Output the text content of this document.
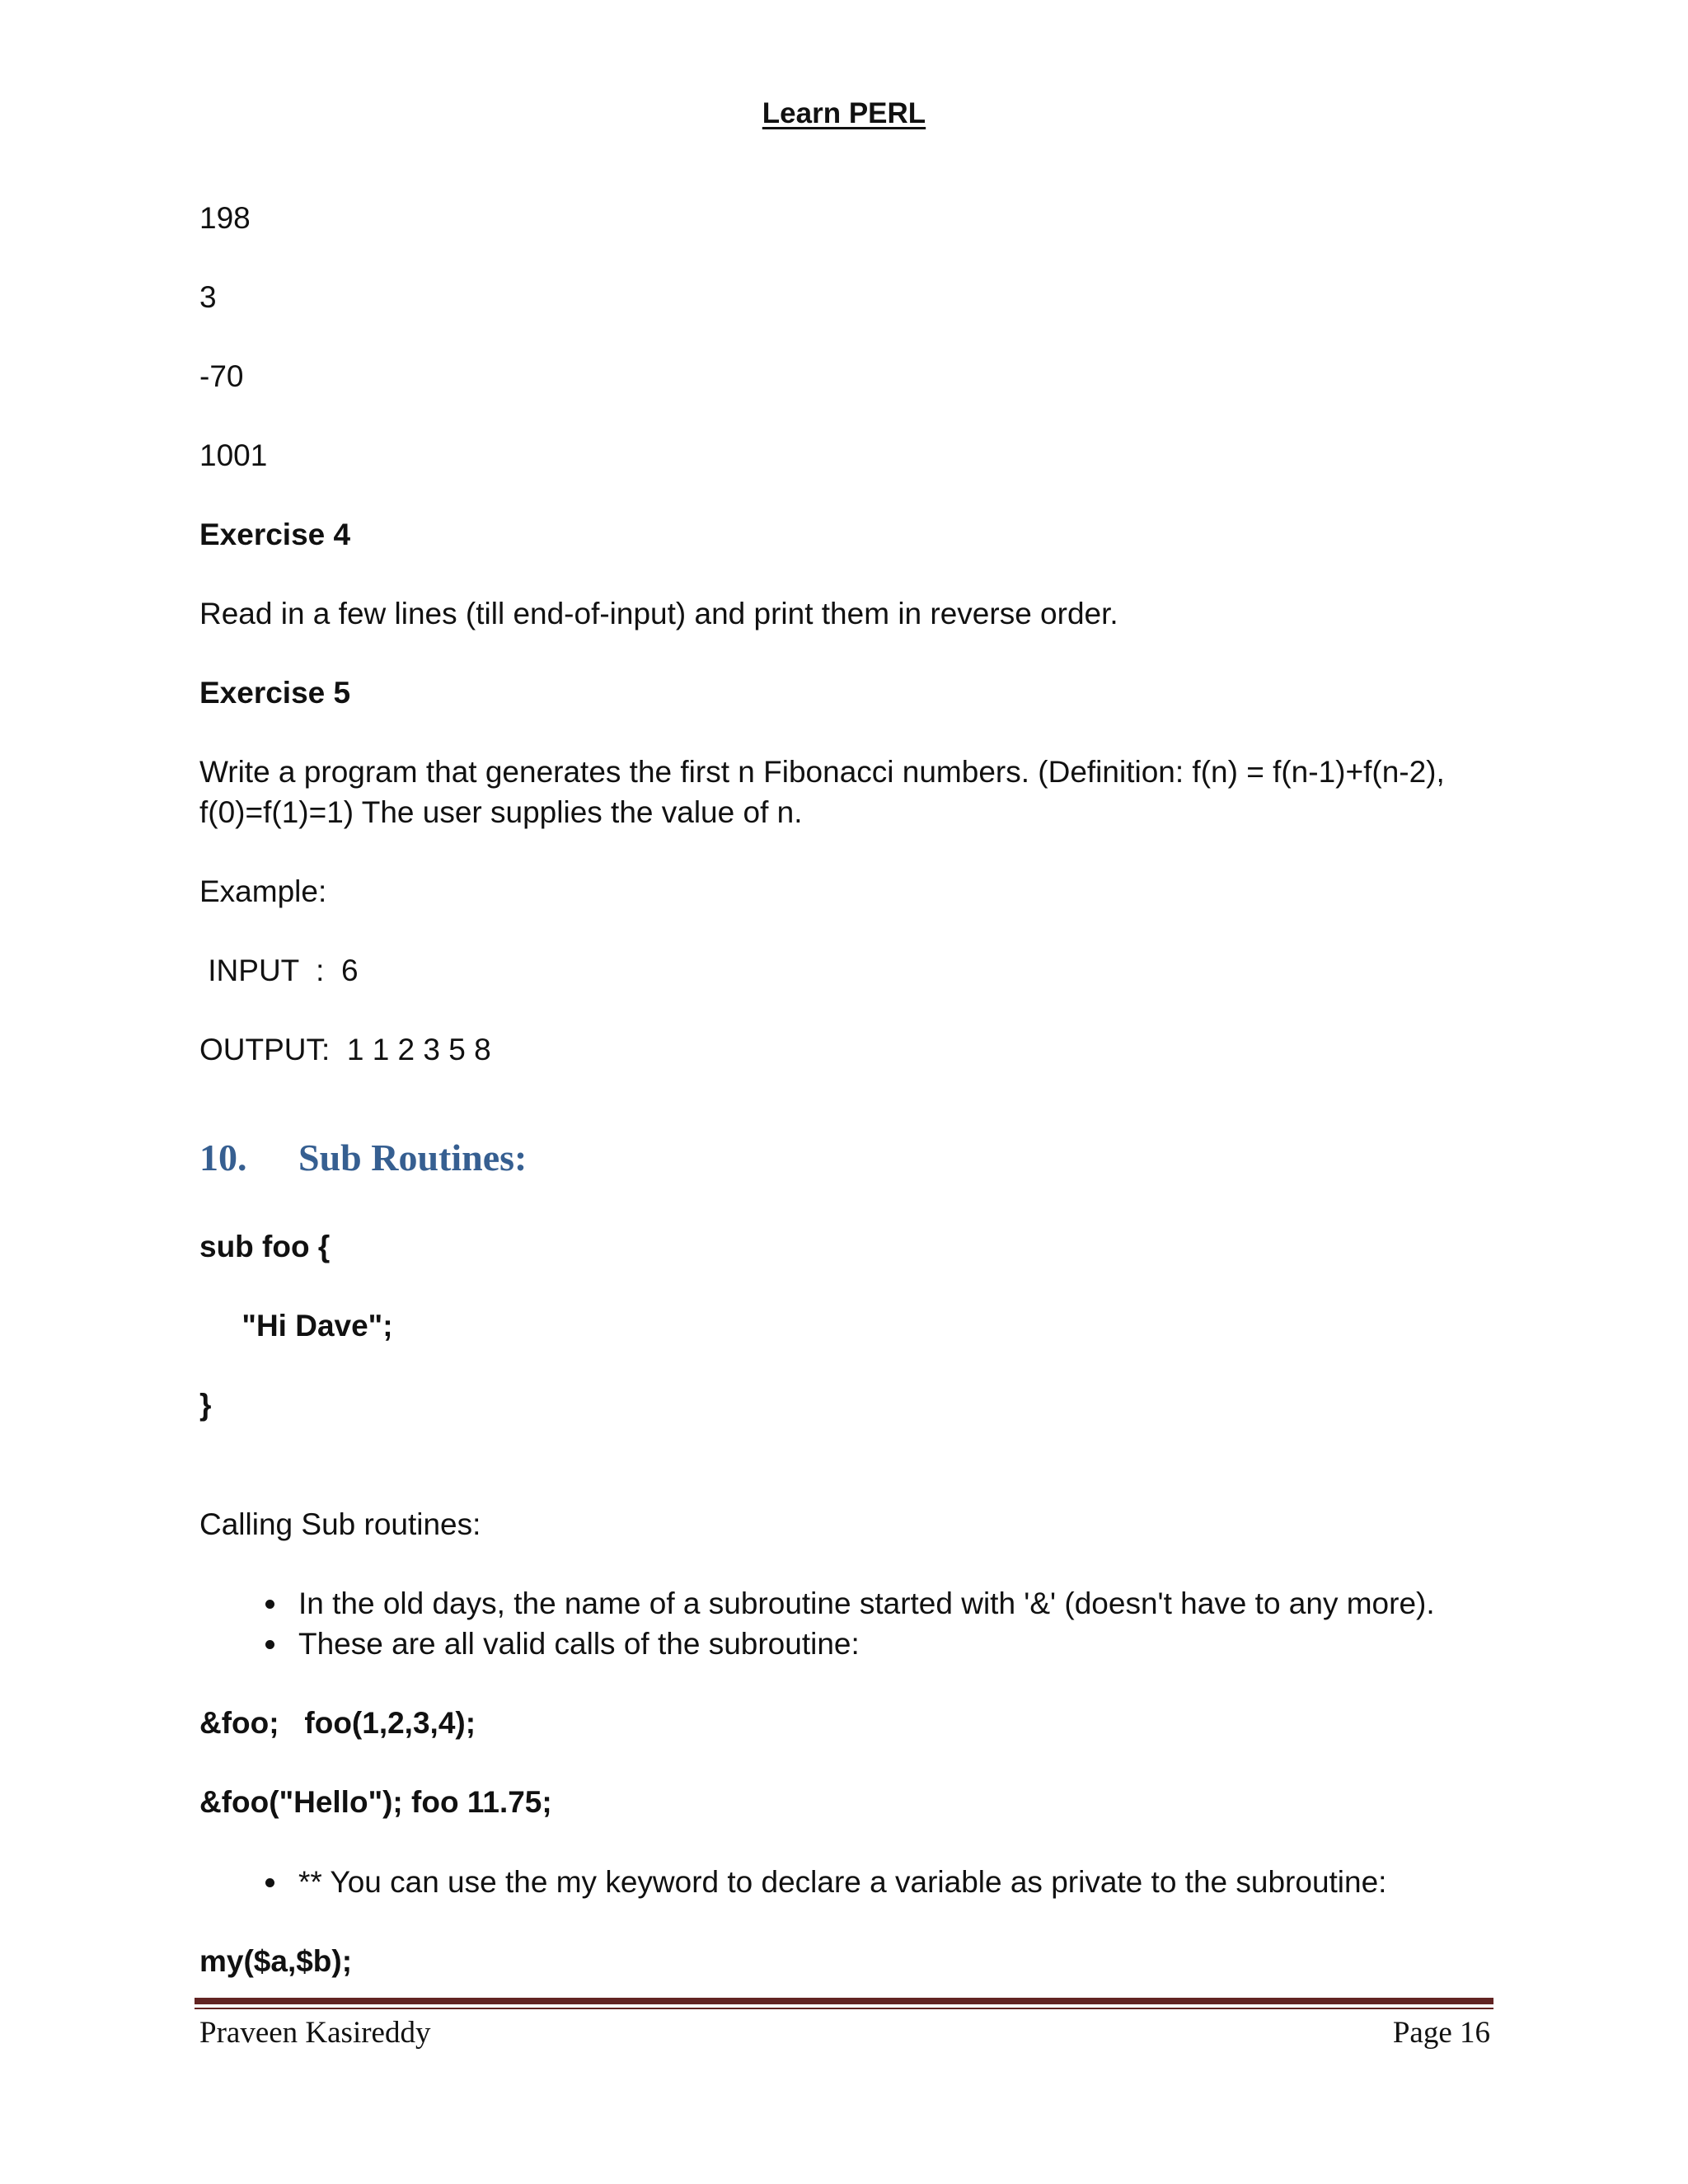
Learn PERL
198
3
-70
1001
Exercise 4
Read in a few lines (till end-of-input) and print them in reverse order.
Exercise 5
Write a program that generates the first n Fibonacci numbers. (Definition: f(n) = f(n-1)+f(n-2), f(0)=f(1)=1) The user supplies the value of n.
Example:
INPUT  :  6
OUTPUT:  1 1 2 3 5 8
10. Sub Routines:
sub foo {
"Hi Dave";
}
Calling Sub routines:
In the old days, the name of a subroutine started with '&' (doesn't have to any more).
These are all valid calls of the subroutine:
&foo;   foo(1,2,3,4);
&foo("Hello"); foo 11.75;
** You can use the my keyword to declare a variable as private to the subroutine:
my($a,$b);
Praveen Kasireddy	Page 16
